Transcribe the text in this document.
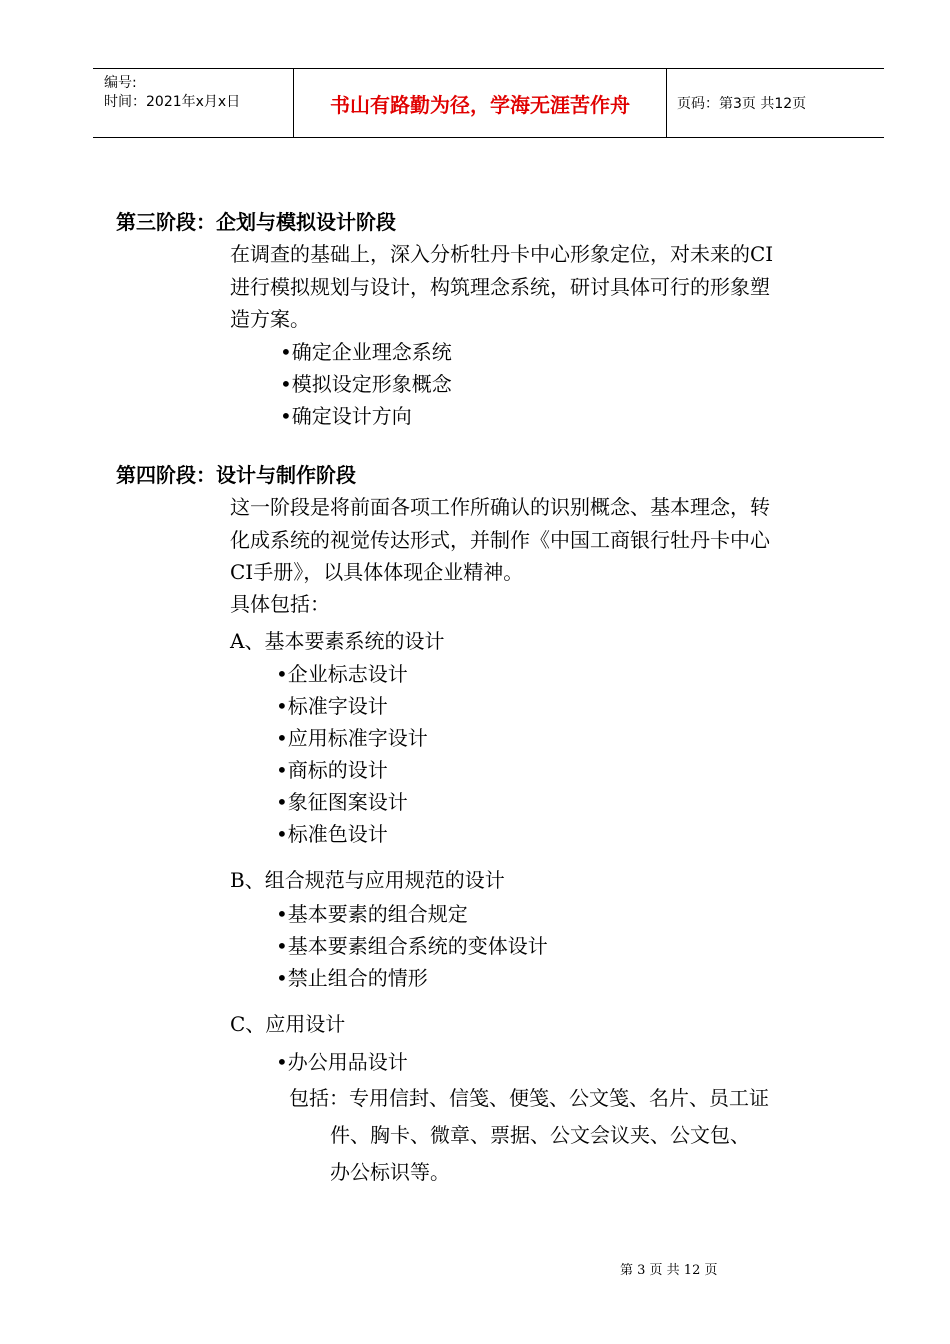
编号:
时间：2021年x月x日	书山有路勤为径，学海无涯苦作舟	页码：第3页 共12页
第三阶段：企划与模拟设计阶段
在调查的基础上，深入分析牡丹卡中心形象定位，对未来的CI
进行模拟规划与设计，构筑理念系统，研讨具体可行的形象塑
造方案。
•确定企业理念系统
•模拟设定形象概念
•确定设计方向
第四阶段：设计与制作阶段
这一阶段是将前面各项工作所确认的识别概念、基本理念，转
化成系统的视觉传达形式，并制作《中国工商银行牡丹卡中心
CI手册》，以具体体现企业精神。
具体包括：
A、基本要素系统的设计
•企业标志设计
•标准字设计
•应用标准字设计
•商标的设计
•象征图案设计
•标准色设计
B、组合规范与应用规范的设计
•基本要素的组合规定
•基本要素组合系统的变体设计
•禁止组合的情形
C、应用设计
•办公用品设计
包括：专用信封、信笺、便笺、公文笺、名片、员工证
件、胸卡、微章、票据、公文会议夹、公文包、
办公标识等。
第 3 页 共 12 页
